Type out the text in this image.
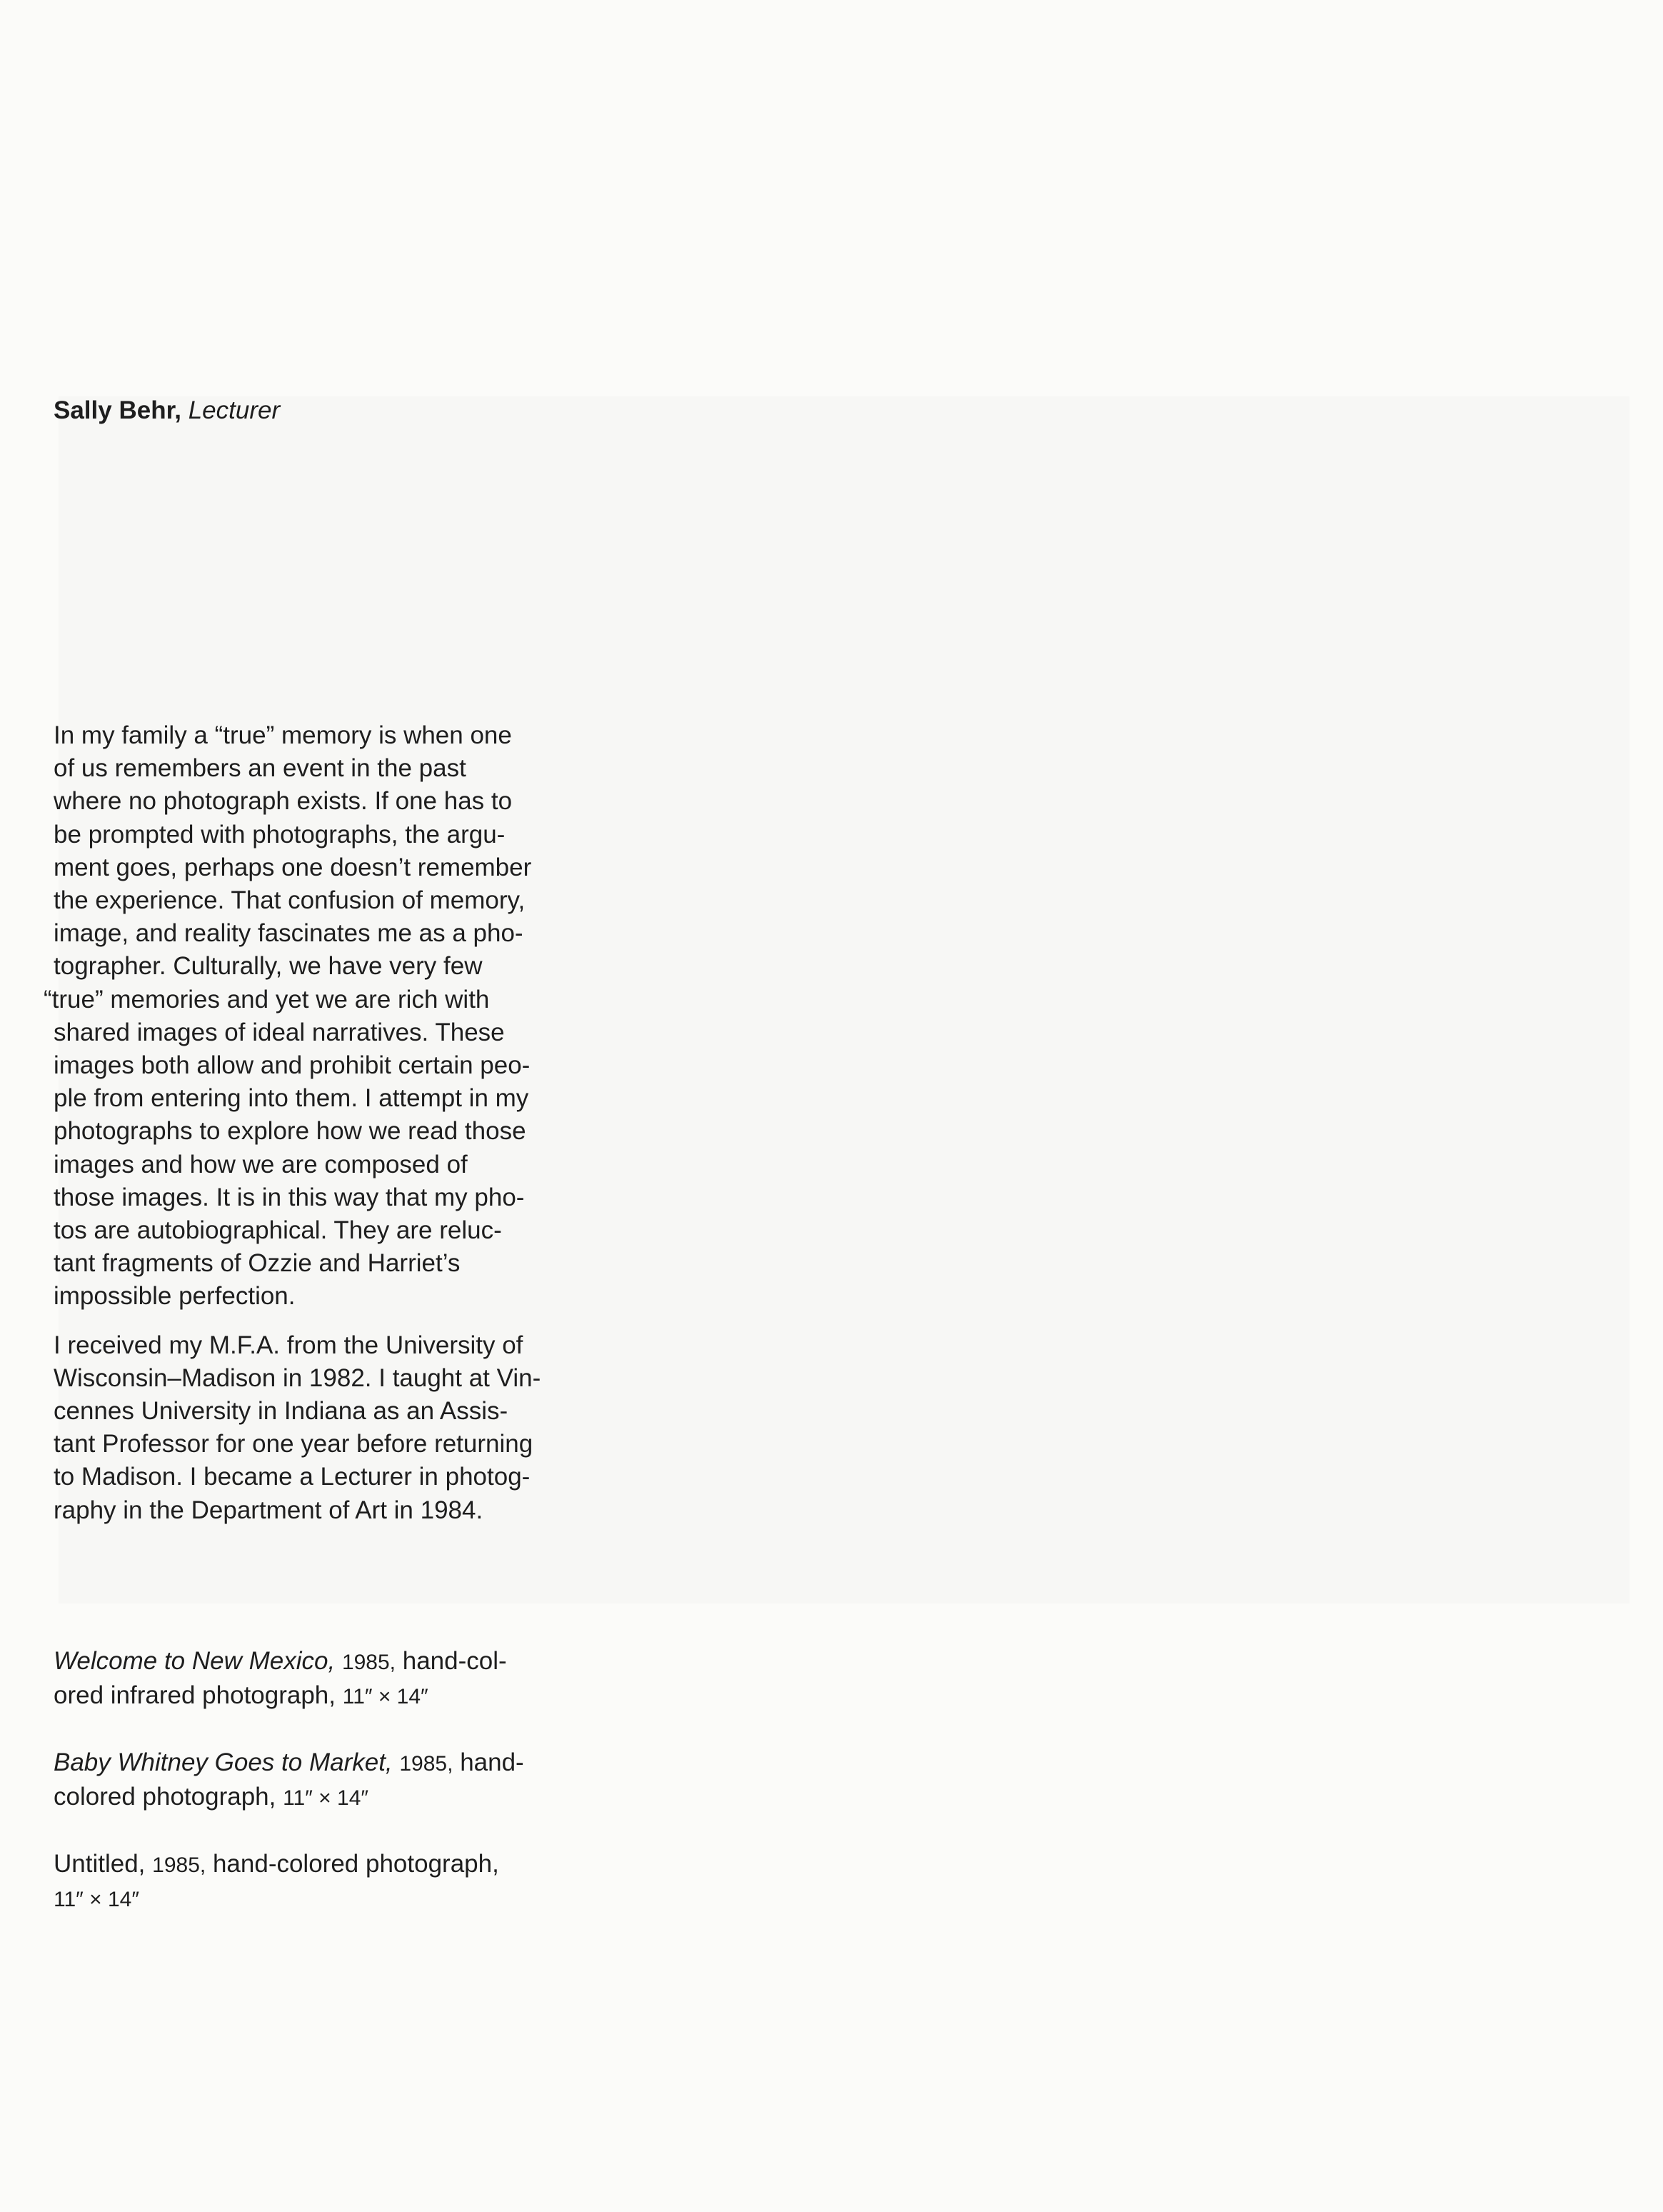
Sally Behr, Lecturer

In my family a “true” memory is when one
of us remembers an event in the past
where no photograph exists. If one has to
be prompted with photographs, the argu-
ment goes, perhaps one doesn’t remember
the experience. That confusion of memory,
image, and reality fascinates me as a pho-
tographer. Culturally, we have very few
“true” memories and yet we are rich with
shared images of ideal narratives. These
images both allow and prohibit certain peo-
ple from entering into them. I attempt in my
photographs to explore how we read those
images and how we are composed of
those images. It is in this way that my pho-
tos are autobiographical. They are reluc-
tant fragments of Ozzie and Harriet’s
impossible perfection.

I received my M.F.A. from the University of
Wisconsin–Madison in 1982. I taught at Vin-
cennes University in Indiana as an Assis-
tant Professor for one year before returning
to Madison. I became a Lecturer in photog-
raphy in the Department of Art in 1984.

Welcome to New Mexico, 1985, hand-col-
ored infrared photograph, 11″ × 14″

Baby Whitney Goes to Market, 1985, hand-
colored photograph, 11″ × 14″

Untitled, 1985, hand-colored photograph,
11″ × 14″
